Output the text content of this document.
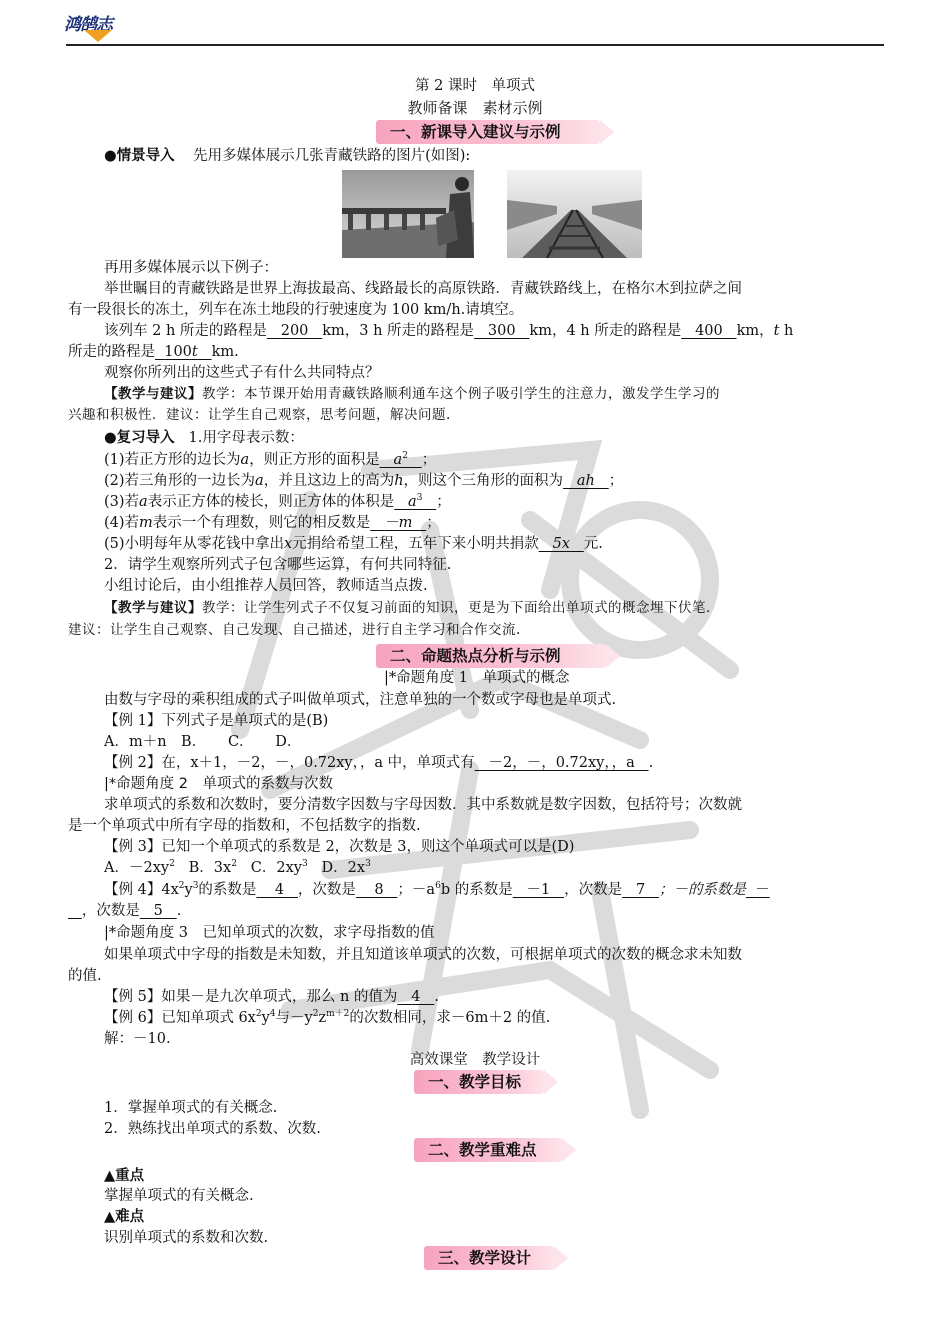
鸿鹄志
第 2 课时　单项式
教师备课　素材示例
一、新课导入建议与示例
●情景导入 先用多媒体展示几张青藏铁路的图片(如图):
再用多媒体展示以下例子：
举世瞩目的青藏铁路是世界上海拔最高、线路最长的高原铁路．青藏铁路线上，在格尔木到拉萨之间
有一段很长的冻土，列车在冻土地段的行驶速度为 100 km/h.请填空。
该列车 2 h 所走的路程是 200 km，3 h 所走的路程是 300 km，4 h 所走的路程是 400 km，t h
所走的路程是 100t km.
观察你所列出的这些式子有什么共同特点？
【教学与建议】教学：本节课开始用青藏铁路顺利通车这个例子吸引学生的注意力，激发学生学习的
兴趣和积极性．建议：让学生自己观察，思考问题，解决问题.
●复习导入 1.用字母表示数：
(1)若正方形的边长为a，则正方形的面积是 $a^2$ ；
(2)若三角形的一边长为a，并且这边上的高为h，则这个三角形的面积为 ah ；
(3)若a表示正方体的棱长，则正方体的体积是 $a^3$ ；
(4)若m表示一个有理数，则它的相反数是 －m ；
(5)小明每年从零花钱中拿出x元捐给希望工程，五年下来小明共捐款 5x 元.
2．请学生观察所列式子包含哪些运算，有何共同特征.
小组讨论后，由小组推荐人员回答，教师适当点拨.
【教学与建议】教学：让学生列式子不仅复习前面的知识，更是为下面给出单项式的概念埋下伏笔．
建议：让学生自己观察、自己发现、自己描述，进行自主学习和合作交流.
二、命题热点分析与示例
|*命题角度 1　单项式的概念
由数与字母的乘积组成的式子叫做单项式，注意单独的一个数或字母也是单项式.
【例 1】下列式子是单项式的是(B)
A．m＋n　B．　　C．　　D．
【例 2】在，x＋1，－2，－，0.72xy，，a 中，单项式有 －2，－，0.72xy，，a .
|*命题角度 2　单项式的系数与次数
求单项式的系数和次数时，要分清数字因数与字母因数．其中系数就是数字因数，包括符号；次数就
是一个单项式中所有字母的指数和，不包括数字的指数.
【例 3】已知一个单项式的系数是 2，次数是 3，则这个单项式可以是(D)
A．$-2xy^2$ B．$3x^2$ C．$2xy^3$ D．$2x^3$
【例 4】$4x^2y^3$的系数是 4 ，次数是 8 ；$-a^6b$ 的系数是 －1 ，次数是 7 ；－的系数是 －
，次数是 5 .
|*命题角度 3　已知单项式的次数，求字母指数的值
如果单项式中字母的指数是未知数，并且知道该单项式的次数，可根据单项式的次数的概念求未知数
的值.
【例 5】如果－是九次单项式，那么 n 的值为 4 .
【例 6】已知单项式 $6x^2y^4$与$-y^2z^{m+2}$的次数相同，求－6m＋2 的值.
解：－10.
高效课堂　教学设计
一、教学目标
1．掌握单项式的有关概念.
2．熟练找出单项式的系数、次数.
二、教学重难点
▲重点
掌握单项式的有关概念.
▲难点
识别单项式的系数和次数.
三、教学设计
